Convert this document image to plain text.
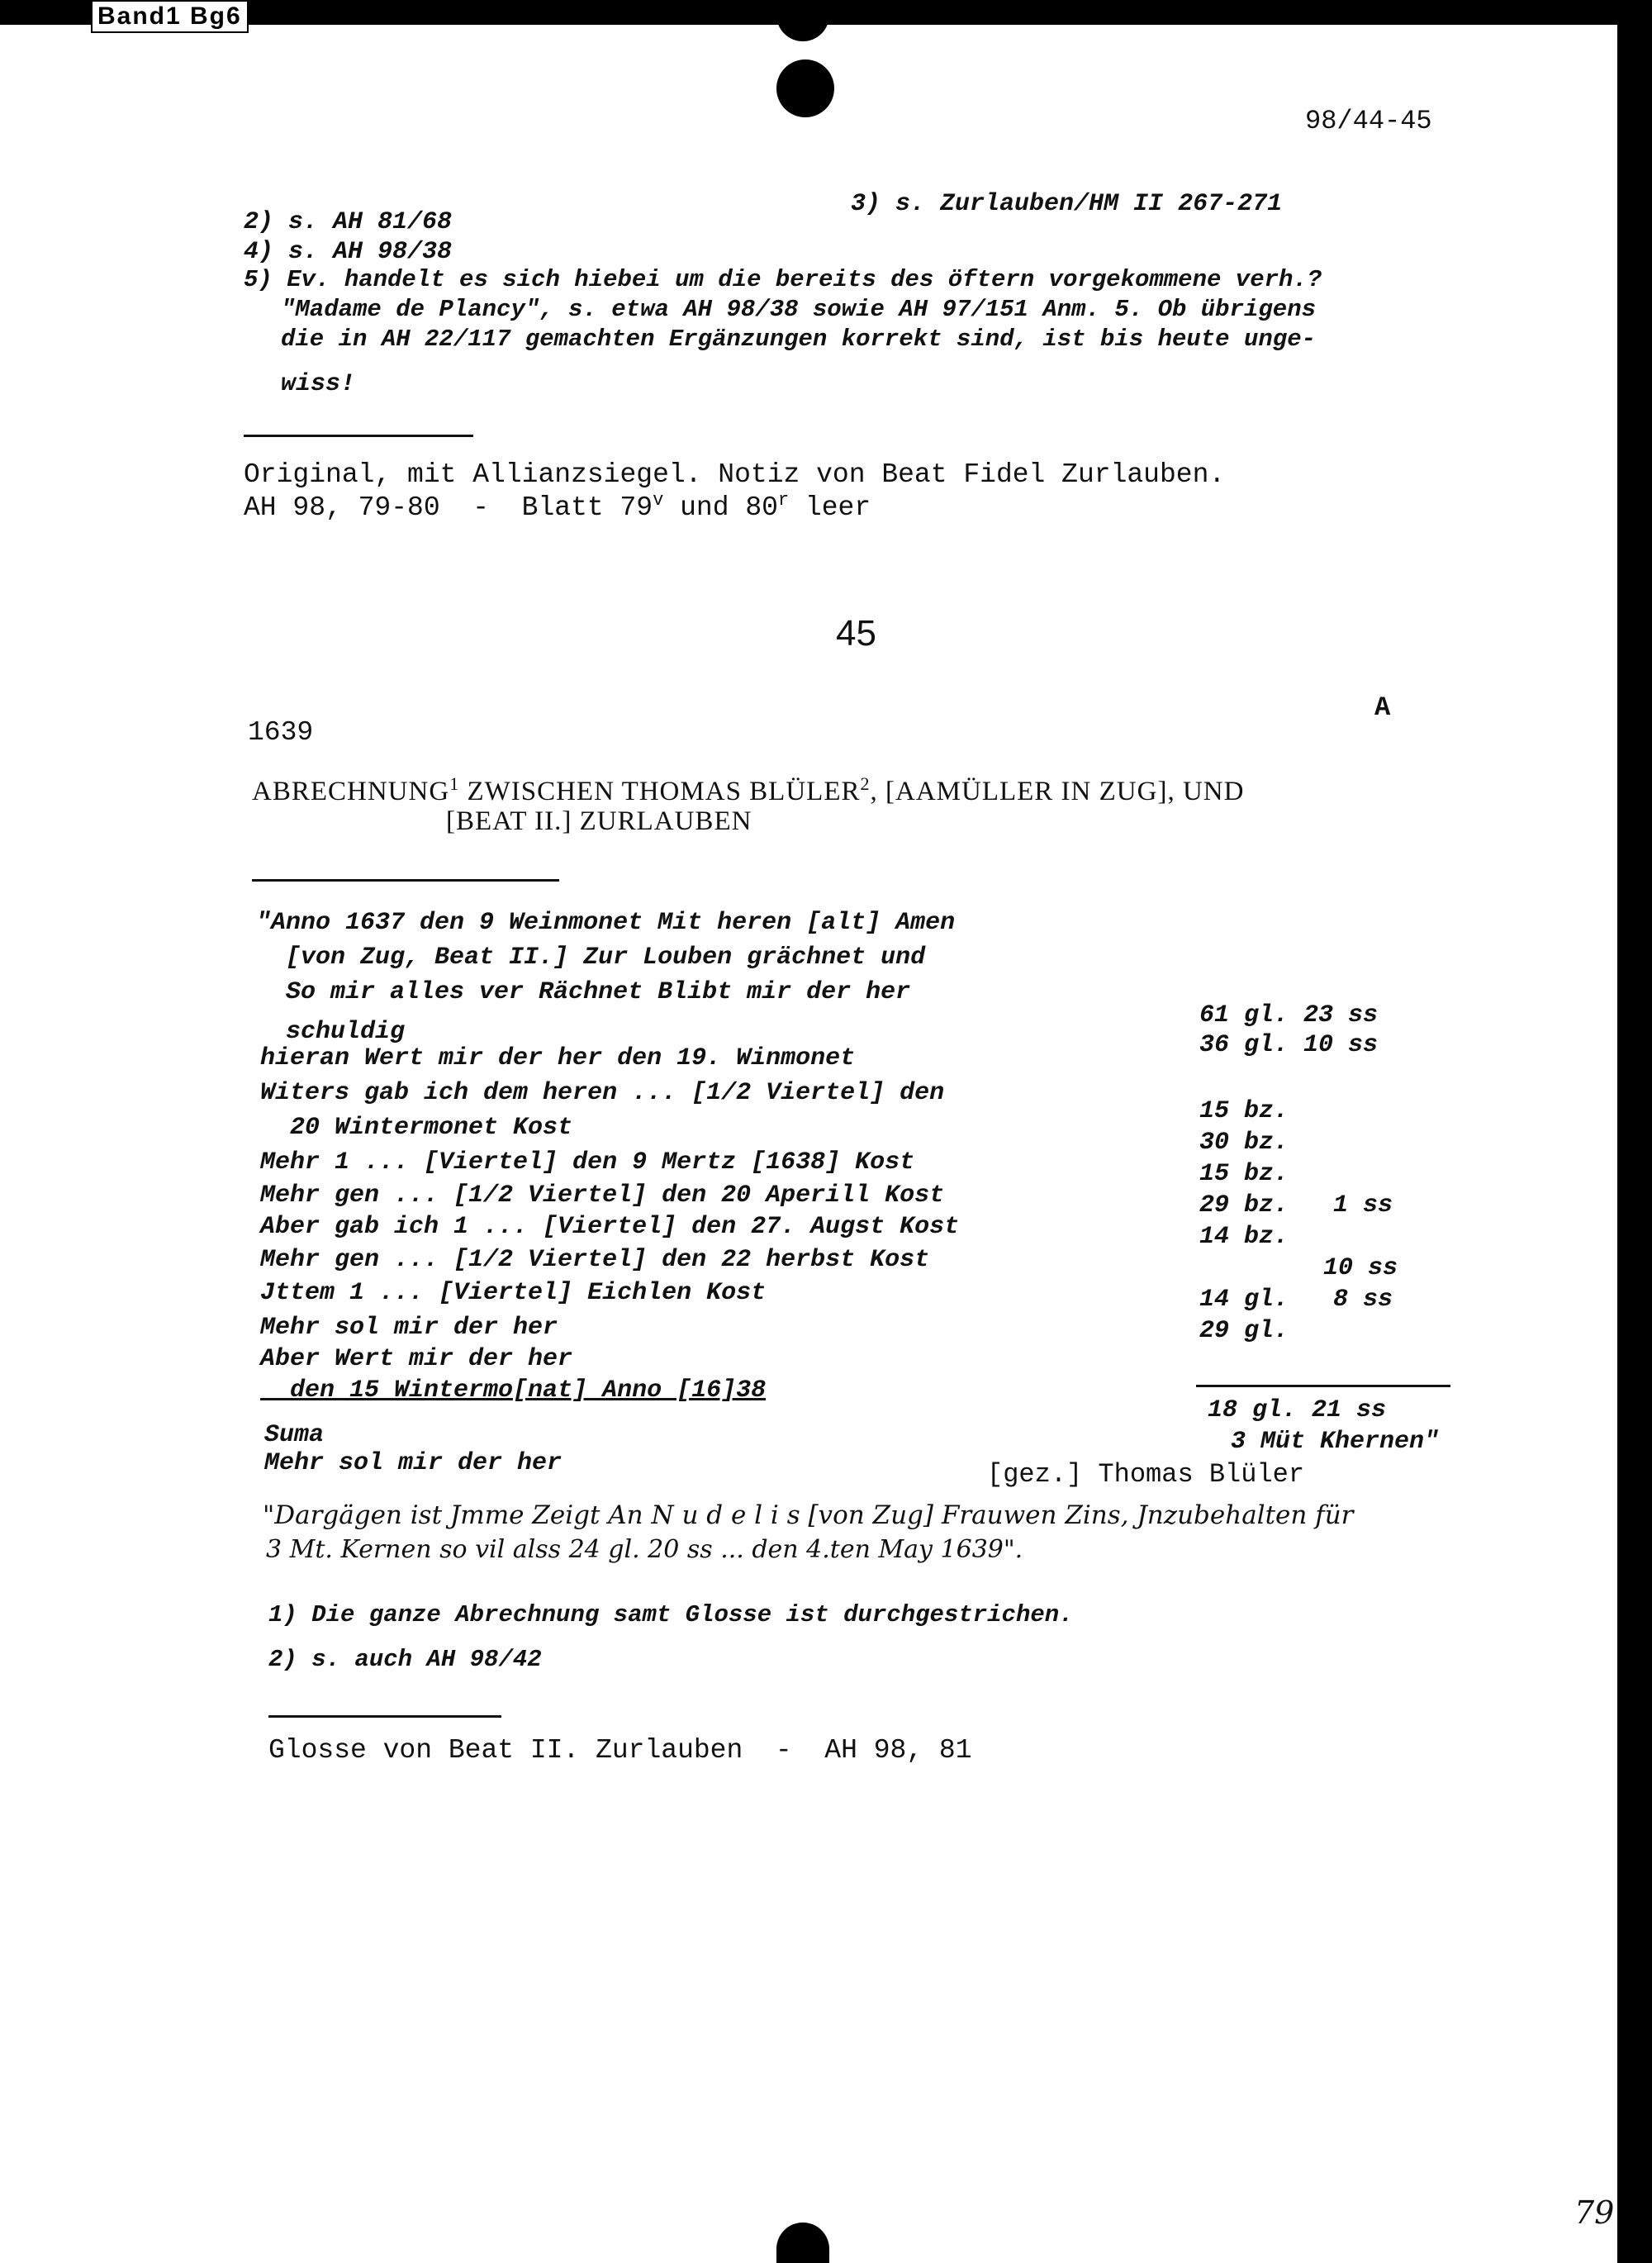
98/44-45
2) s. AH 81/68
3) s. Zurlauben/HM II 267-271
4) s. AH 98/38
5) Ev. handelt es sich hiebei um die bereits des öftern vorgekommene verh.?
"Madame de Plancy", s. etwa AH 98/38 sowie AH 97/151 Anm. 5. Ob übrigens
die in AH 22/117 gemachten Ergänzungen korrekt sind, ist bis heute unge-
wiss!
Original, mit Allianzsiegel. Notiz von Beat Fidel Zurlauben.
AH 98, 79-80  -  Blatt 79$^v$ und 80$^r$ leer
45
A
1639
ABRECHNUNG$^1$ ZWISCHEN THOMAS BLÜLER$^2$, [AAMÜLLER IN ZUG], UND
[BEAT II.] ZURLAUBEN
"Anno 1637 den 9 Weinmonet Mit heren [alt] Amen
[von Zug, Beat II.] Zur Louben grächnet und
So mir alles ver Rächnet Blibt mir der her
schuldig
hieran Wert mir der her den 19. Winmonet
Witers gab ich dem heren ... [1/2 Viertel] den
20 Wintermonet Kost
Mehr 1 ... [Viertel] den 9 Mertz [1638] Kost
Mehr gen ... [1/2 Viertel] den 20 Aperill Kost
Aber gab ich 1 ... [Viertel] den 27. Augst Kost
Mehr gen ... [1/2 Viertel] den 22 herbst Kost
Jttem 1 ... [Viertel] Eichlen Kost
Mehr sol mir der her
Aber Wert mir der her
den 15 Wintermo[nat] Anno [16]38
61 gl. 23 ss
36 gl. 10 ss
15 bz.
30 bz.
15 bz.
29 bz.   1 ss
14 bz.
10 ss
14 gl.   8 ss
29 gl.
Suma
18 gl. 21 ss
Mehr sol mir der her
3 Müt Khernen"
[gez.] Thomas Blüler
"Dargägen ist Jmme Zeigt An N u d e l i s [von Zug] Frauwen Zins, Jnzubehalten für
3 Mt. Kernen so vil alss 24 gl. 20 ss ... den 4.ten May 1639".
1) Die ganze Abrechnung samt Glosse ist durchgestrichen.
2) s. auch AH 98/42
Glosse von Beat II. Zurlauben  -  AH 98, 81
79
Band1 Bg6
